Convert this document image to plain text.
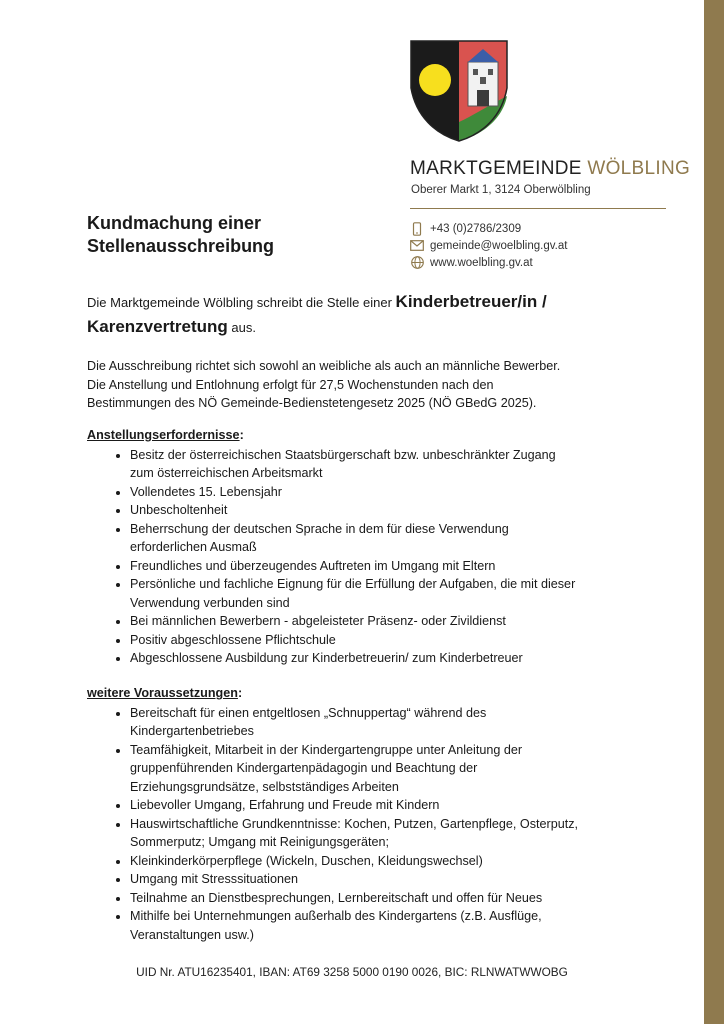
MARKTGEMEINDE WÖLBLING
Oberer Markt 1, 3124 Oberwölbling
+43 (0)2786/2309
gemeinde@woelbling.gv.at
www.woelbling.gv.at
Kundmachung einer
Stellenausschreibung
Die Marktgemeinde Wölbling schreibt die Stelle einer Kinderbetreuer/in /
Karenzvertretung aus.
Die Ausschreibung richtet sich sowohl an weibliche als auch an männliche Bewerber.
Die Anstellung und Entlohnung erfolgt für 27,5 Wochenstunden nach den
Bestimmungen des NÖ Gemeinde-Bedienstetengesetz 2025 (NÖ GBedG 2025).
Anstellungserfordernisse:
• Besitz der österreichischen Staatsbürgerschaft bzw. unbeschränkter Zugang
zum österreichischen Arbeitsmarkt
• Vollendetes 15. Lebensjahr
• Unbescholtenheit
• Beherrschung der deutschen Sprache in dem für diese Verwendung
erforderlichen Ausmaß
• Freundliches und überzeugendes Auftreten im Umgang mit Eltern
• Persönliche und fachliche Eignung für die Erfüllung der Aufgaben, die mit dieser
Verwendung verbunden sind
• Bei männlichen Bewerbern - abgeleisteter Präsenz- oder Zivildienst
• Positiv abgeschlossene Pflichtschule
• Abgeschlossene Ausbildung zur Kinderbetreuerin/ zum Kinderbetreuer
weitere Voraussetzungen:
• Bereitschaft für einen entgeltlosen „Schnuppertag“ während des
Kindergartenbetriebes
• Teamfähigkeit, Mitarbeit in der Kindergartengruppe unter Anleitung der
gruppenführenden Kindergartenpädagogin und Beachtung der
Erziehungsgrundsätze, selbstständiges Arbeiten
• Liebevoller Umgang, Erfahrung und Freude mit Kindern
• Hauswirtschaftliche Grundkenntnisse: Kochen, Putzen, Gartenpflege, Osterputz,
Sommerputz; Umgang mit Reinigungsgeräten;
• Kleinkinderkörperpflege (Wickeln, Duschen, Kleidungswechsel)
• Umgang mit Stresssituationen
• Teilnahme an Dienstbesprechungen, Lernbereitschaft und offen für Neues
• Mithilfe bei Unternehmungen außerhalb des Kindergartens (z.B. Ausflüge,
Veranstaltungen usw.)
UID Nr. ATU16235401, IBAN: AT69 3258 5000 0190 0026, BIC: RLNWATWWOBG
